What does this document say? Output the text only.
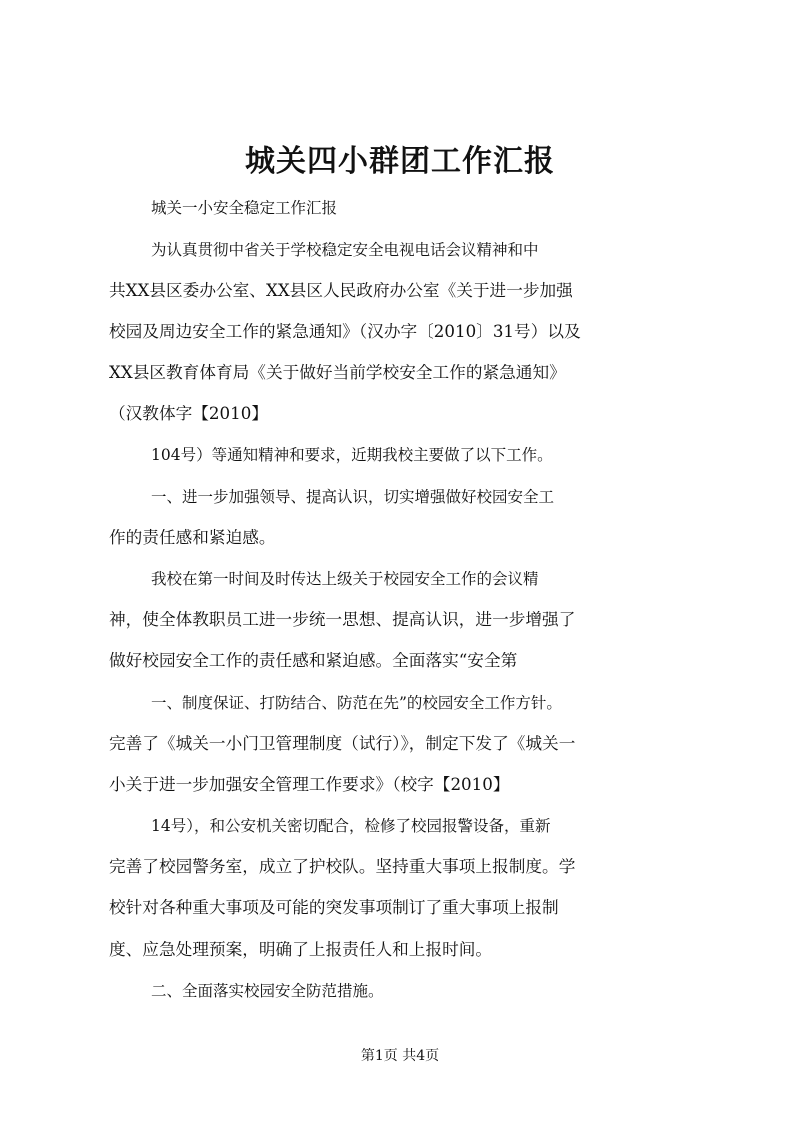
城关四小群团工作汇报
城关一小安全稳定工作汇报
为认真贯彻中省关于学校稳定安全电视电话会议精神和中
共XX县区委办公室、XX县区人民政府办公室《关于进一步加强
校园及周边安全工作的紧急通知》（汉办字〔2010〕31号）以及
XX县区教育体育局《关于做好当前学校安全工作的紧急通知》
（汉教体字【2010】
104号）等通知精神和要求，近期我校主要做了以下工作。
一、进一步加强领导、提高认识，切实增强做好校园安全工
作的责任感和紧迫感。
我校在第一时间及时传达上级关于校园安全工作的会议精
神，使全体教职员工进一步统一思想、提高认识，进一步增强了
做好校园安全工作的责任感和紧迫感。全面落实“安全第
一、制度保证、打防结合、防范在先”的校园安全工作方针。
完善了《城关一小门卫管理制度（试行）》，制定下发了《城关一
小关于进一步加强安全管理工作要求》（校字【2010】
14号），和公安机关密切配合，检修了校园报警设备，重新
完善了校园警务室，成立了护校队。坚持重大事项上报制度。学
校针对各种重大事项及可能的突发事项制订了重大事项上报制
度、应急处理预案，明确了上报责任人和上报时间。
二、全面落实校园安全防范措施。
第1页 共4页
